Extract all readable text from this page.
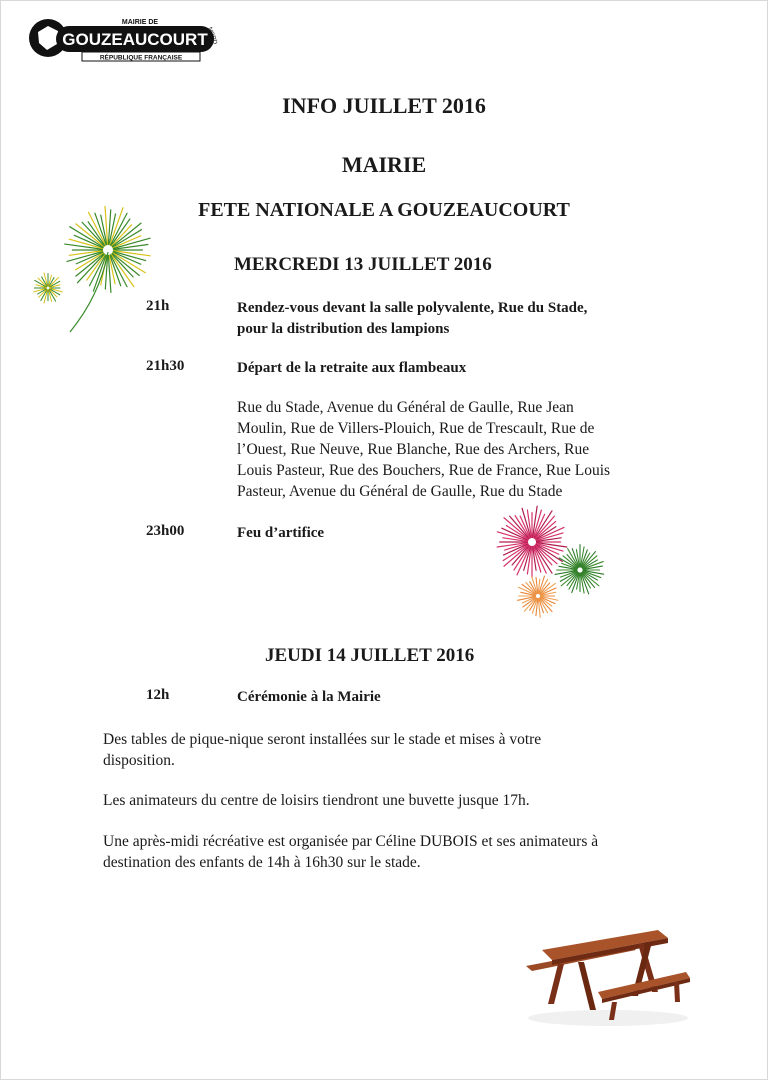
MAIRIE DE
GOUZEAUCOURT
RÉPUBLIQUE FRANÇAISE
NORD
INFO JUILLET 2016
MAIRIE
FETE NATIONALE A GOUZEAUCOURT
MERCREDI 13 JUILLET 2016
21h	Rendez-vous devant la salle polyvalente, Rue du Stade,
pour la distribution des lampions
21h30	Départ de la retraite aux flambeaux
Rue du Stade, Avenue du Général de Gaulle, Rue Jean
Moulin, Rue de Villers-Plouich, Rue de Trescault, Rue de
l’Ouest, Rue Neuve, Rue Blanche, Rue des Archers, Rue
Louis Pasteur, Rue des Bouchers, Rue de France, Rue Louis
Pasteur, Avenue du Général de Gaulle, Rue du Stade
23h00	Feu d’artifice
JEUDI 14 JUILLET 2016
12h	Cérémonie à la Mairie
Des tables de pique-nique seront installées sur le stade et mises à votre
disposition.
Les animateurs du centre de loisirs tiendront une buvette jusque 17h.
Une après-midi récréative est organisée par Céline DUBOIS et ses animateurs à
destination des enfants de 14h à 16h30 sur le stade.
